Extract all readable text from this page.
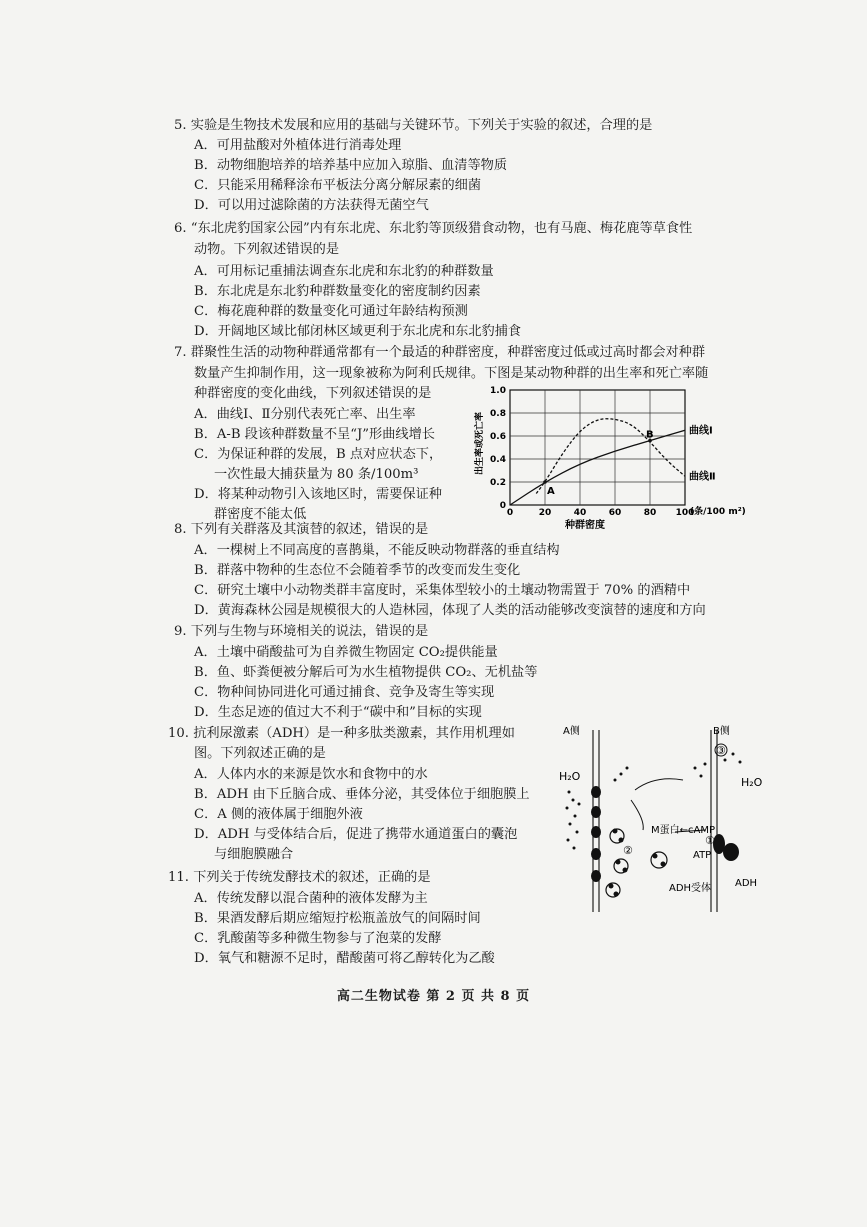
5. 实验是生物技术发展和应用的基础与关键环节。下列关于实验的叙述，合理的是
A．可用盐酸对外植体进行消毒处理
B．动物细胞培养的培养基中应加入琼脂、血清等物质
C．只能采用稀释涂布平板法分离分解尿素的细菌
D．可以用过滤除菌的方法获得无菌空气
6. “东北虎豹国家公园”内有东北虎、东北豹等顶级猎食动物，也有马鹿、梅花鹿等草食性
动物。下列叙述错误的是
A．可用标记重捕法调查东北虎和东北豹的种群数量
B．东北虎是东北豹种群数量变化的密度制约因素
C．梅花鹿种群的数量变化可通过年龄结构预测
D．开阔地区域比郁闭林区域更利于东北虎和东北豹捕食
7. 群聚性生活的动物种群通常都有一个最适的种群密度，种群密度过低或过高时都会对种群
数量产生抑制作用，这一现象被称为阿利氏规律。下图是某动物种群的出生率和死亡率随
种群密度的变化曲线，下列叙述错误的是
A．曲线Ⅰ、Ⅱ分别代表死亡率、出生率
B．A-B 段该种群数量不呈“J”形曲线增长
C．为保证种群的发展，B 点对应状态下，
一次性最大捕获量为 80 条/100m³
D．将某种动物引入该地区时，需要保证种
群密度不能太低
曲线Ⅰ
曲线Ⅱ
A
B
0	20 40 60 80 100
0
0.2
0.4
0.6
0.8
1.0
出生率或死亡率
种群密度
(条/100 m²)
8. 下列有关群落及其演替的叙述，错误的是
A．一棵树上不同高度的喜鹊巢，不能反映动物群落的垂直结构
B．群落中物种的生态位不会随着季节的改变而发生变化
C．研究土壤中小动物类群丰富度时，采集体型较小的土壤动物需置于 70% 的酒精中
D．黄海森林公园是规模很大的人造林园，体现了人类的活动能够改变演替的速度和方向
9. 下列与生物与环境相关的说法，错误的是
A．土壤中硝酸盐可为自养微生物固定 CO₂提供能量
B．鱼、虾粪便被分解后可为水生植物提供 CO₂、无机盐等
C．物种间协同进化可通过捕食、竞争及寄生等实现
D．生态足迹的值过大不利于“碳中和”目标的实现
10. 抗利尿激素（ADH）是一种多肽类激素，其作用机理如
图。下列叙述正确的是
A．人体内水的来源是饮水和食物中的水
B．ADH 由下丘脑合成、垂体分泌，其受体位于细胞膜上
C．A 侧的液体属于细胞外液
D．ADH 与受体结合后，促进了携带水通道蛋白的囊泡
与细胞膜融合
A侧	B侧
H₂O	H₂O
M蛋白←cAMP
ATP
ADH受体 ADH
①
②
③
11. 下列关于传统发酵技术的叙述，正确的是
A．传统发酵以混合菌种的液体发酵为主
B．果酒发酵后期应缩短拧松瓶盖放气的间隔时间
C．乳酸菌等多种微生物参与了泡菜的发酵
D．氧气和糖源不足时，醋酸菌可将乙醇转化为乙酸
高二生物试卷 第 2 页 共 8 页
